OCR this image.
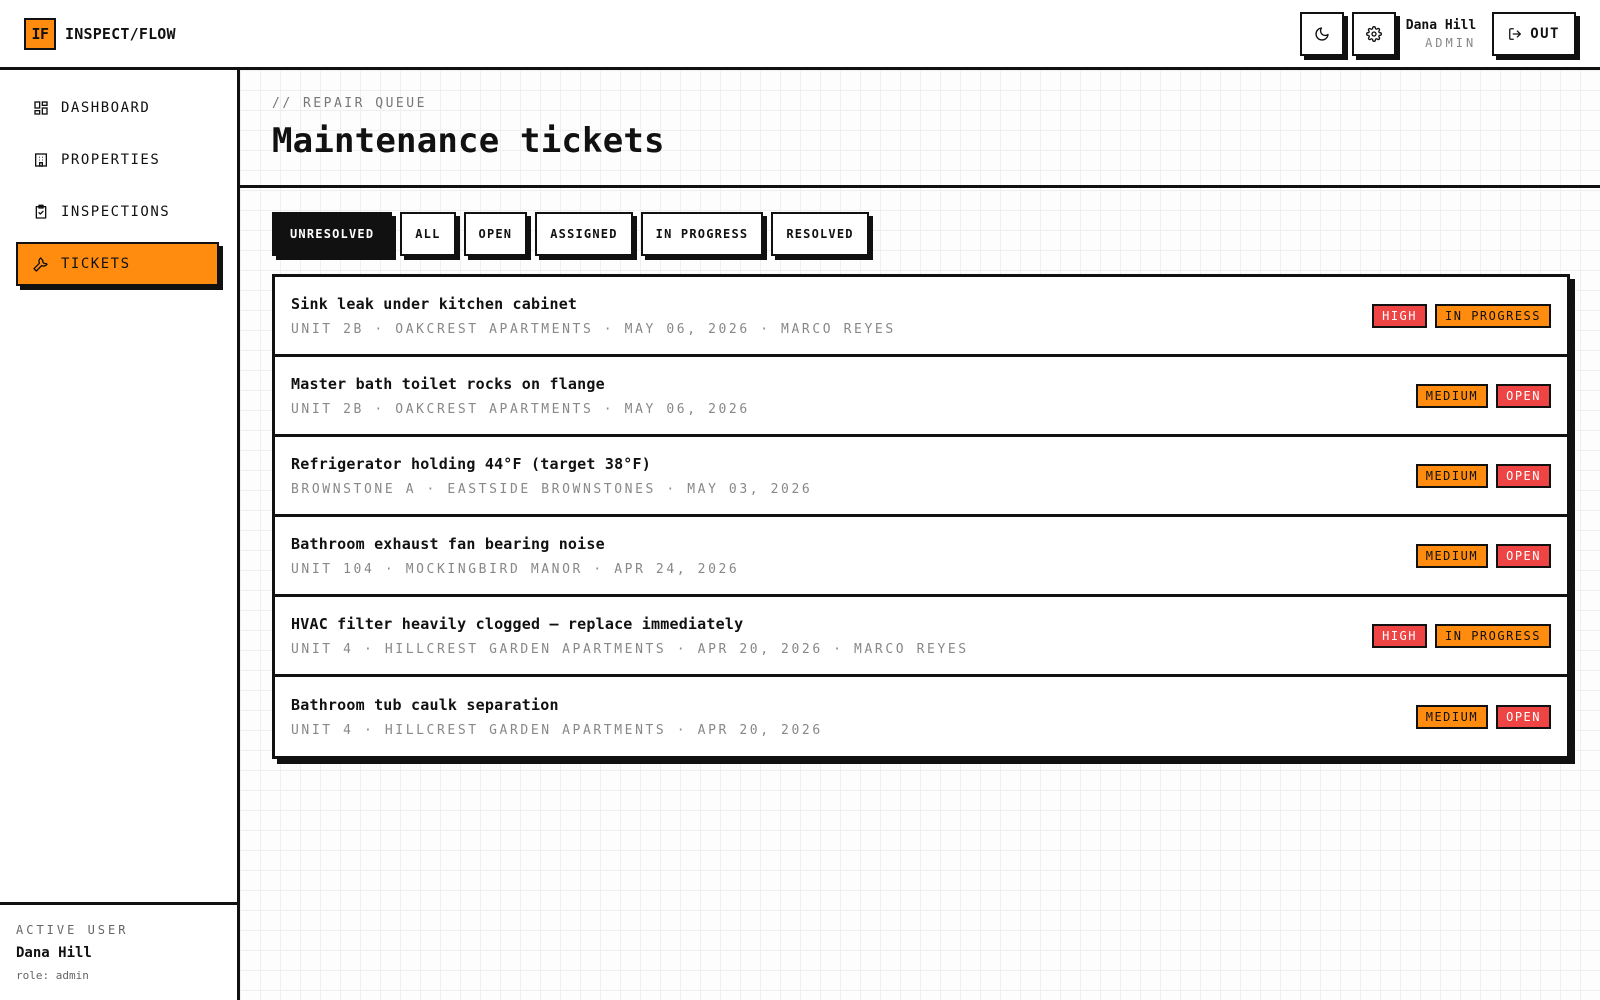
IF INSPECT/FLOW	Dana Hill
ADMIN
OUT
DASHBOARD
PROPERTIES
INSPECTIONS
TICKETS
ACTIVE USER
Dana Hill
role: admin
// REPAIR QUEUE
Maintenance tickets
UNRESOLVED	ALL	OPEN	ASSIGNED	IN PROGRESS	RESOLVED
Sink leak under kitchen cabinet
UNIT 2B · OAKCREST APARTMENTS · MAY 06, 2026 · MARCO REYES
HIGH	IN PROGRESS
Master bath toilet rocks on flange
UNIT 2B · OAKCREST APARTMENTS · MAY 06, 2026
MEDIUM	OPEN
Refrigerator holding 44°F (target 38°F)
BROWNSTONE A · EASTSIDE BROWNSTONES · MAY 03, 2026
MEDIUM	OPEN
Bathroom exhaust fan bearing noise
UNIT 104 · MOCKINGBIRD MANOR · APR 24, 2026
MEDIUM	OPEN
HVAC filter heavily clogged — replace immediately
UNIT 4 · HILLCREST GARDEN APARTMENTS · APR 20, 2026 · MARCO REYES
HIGH	IN PROGRESS
Bathroom tub caulk separation
UNIT 4 · HILLCREST GARDEN APARTMENTS · APR 20, 2026
MEDIUM	OPEN
